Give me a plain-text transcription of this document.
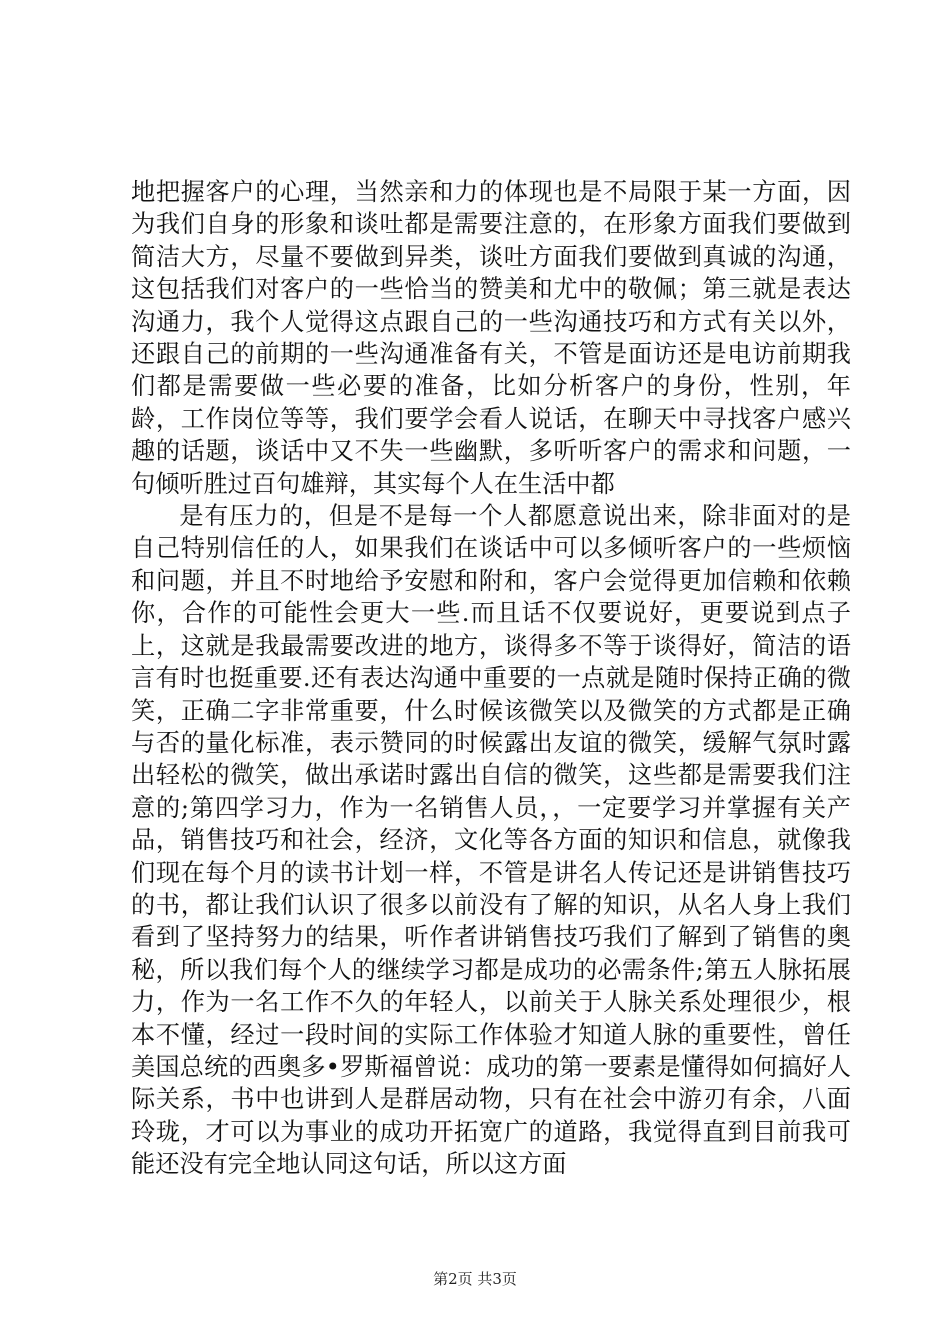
地把握客户的心理，当然亲和力的体现也是不局限于某一方面，因为我们自身的形象和谈吐都是需要注意的，在形象方面我们要做到简洁大方，尽量不要做到异类，谈吐方面我们要做到真诚的沟通，这包括我们对客户的一些恰当的赞美和尤中的敬佩；第三就是表达沟通力，我个人觉得这点跟自己的一些沟通技巧和方式有关以外，还跟自己的前期的一些沟通准备有关，不管是面访还是电访前期我们都是需要做一些必要的准备，比如分析客户的身份，性别，年龄，工作岗位等等，我们要学会看人说话，在聊天中寻找客户感兴趣的话题，谈话中又不失一些幽默，多听听客户的需求和问题，一句倾听胜过百句雄辩，其实每个人在生活中都

是有压力的，但是不是每一个人都愿意说出来，除非面对的是自己特别信任的人，如果我们在谈话中可以多倾听客户的一些烦恼和问题，并且不时地给予安慰和附和，客户会觉得更加信赖和依赖你，合作的可能性会更大一些.而且话不仅要说好，更要说到点子上，这就是我最需要改进的地方，谈得多不等于谈得好，简洁的语言有时也挺重要.还有表达沟通中重要的一点就是随时保持正确的微笑，正确二字非常重要，什么时候该微笑以及微笑的方式都是正确与否的量化标准，表示赞同的时候露出友谊的微笑，缓解气氛时露出轻松的微笑，做出承诺时露出自信的微笑，这些都是需要我们注意的;第四学习力，作为一名销售人员，，一定要学习并掌握有关产品，销售技巧和社会，经济，文化等各方面的知识和信息，就像我们现在每个月的读书计划一样，不管是讲名人传记还是讲销售技巧的书，都让我们认识了很多以前没有了解的知识，从名人身上我们看到了坚持努力的结果，听作者讲销售技巧我们了解到了销售的奥秘，所以我们每个人的继续学习都是成功的必需条件;第五人脉拓展力，作为一名工作不久的年轻人，以前关于人脉关系处理很少，根本不懂，经过一段时间的实际工作体验才知道人脉的重要性，曾任美国总统的西奥多•罗斯福曾说：成功的第一要素是懂得如何搞好人际关系，书中也讲到人是群居动物，只有在社会中游刃有余，八面玲珑，才可以为事业的成功开拓宽广的道路，我觉得直到目前我可能还没有完全地认同这句话，所以这方面

第2页 共3页
